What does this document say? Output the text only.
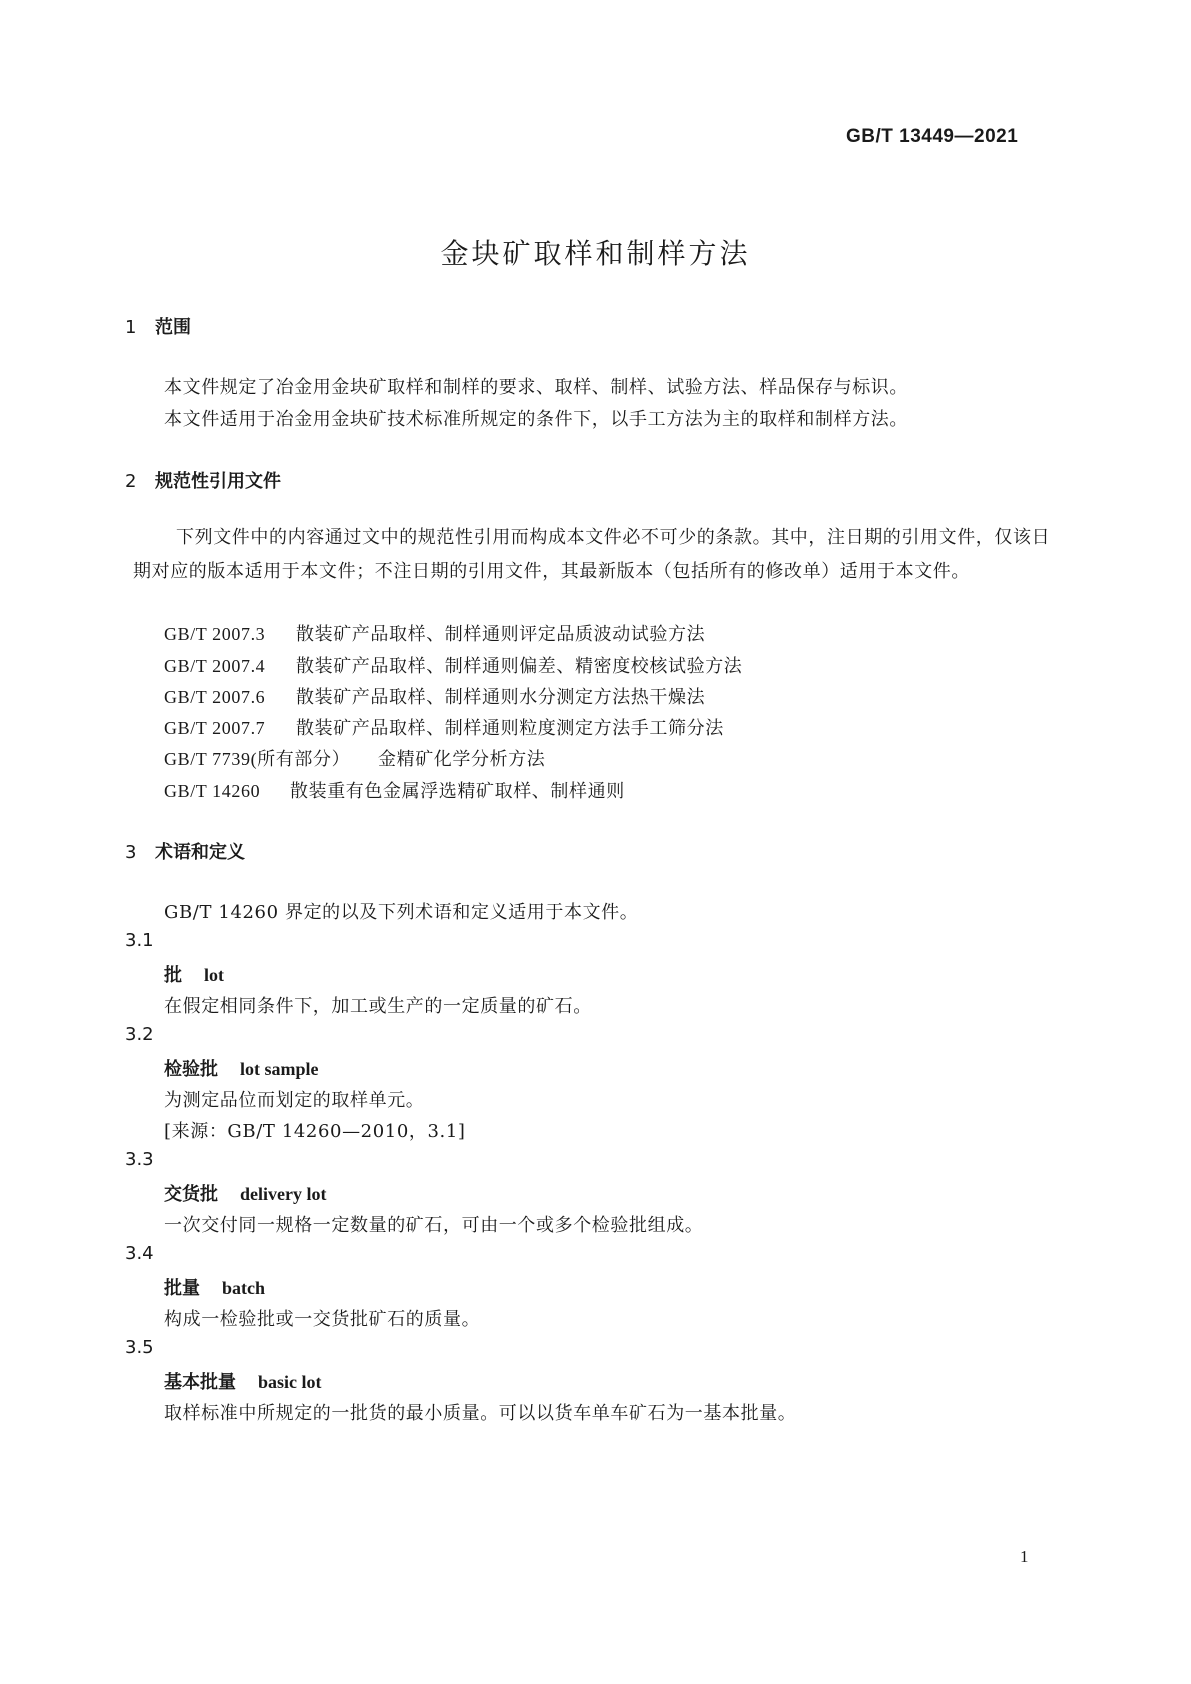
GB/T 13449—2021
金块矿取样和制样方法
1 范围
本文件规定了冶金用金块矿取样和制样的要求、取样、制样、试验方法、样品保存与标识。
本文件适用于冶金用金块矿技术标准所规定的条件下，以手工方法为主的取样和制样方法。
2 规范性引用文件
下列文件中的内容通过文中的规范性引用而构成本文件必不可少的条款。其中，注日期的引用文件，仅该日期对应的版本适用于本文件；不注日期的引用文件，其最新版本（包括所有的修改单）适用于本文件。
GB/T 2007.3 散装矿产品取样、制样通则评定品质波动试验方法
GB/T 2007.4 散装矿产品取样、制样通则偏差、精密度校核试验方法
GB/T 2007.6 散装矿产品取样、制样通则水分测定方法热干燥法
GB/T 2007.7 散装矿产品取样、制样通则粒度测定方法手工筛分法
GB/T 7739(所有部分） 金精矿化学分析方法
GB/T 14260 散装重有色金属浮选精矿取样、制样通则
3 术语和定义
GB/T 14260 界定的以及下列术语和定义适用于本文件。
3.1
批 lot
在假定相同条件下，加工或生产的一定质量的矿石。
3.2
检验批 lot sample
为测定品位而划定的取样单元。
[来源：GB/T 14260—2010，3.1]
3.3
交货批 delivery lot
一次交付同一规格一定数量的矿石，可由一个或多个检验批组成。
3.4
批量 batch
构成一检验批或一交货批矿石的质量。
3.5
基本批量 basic lot
取样标准中所规定的一批货的最小质量。可以以货车单车矿石为一基本批量。
1
